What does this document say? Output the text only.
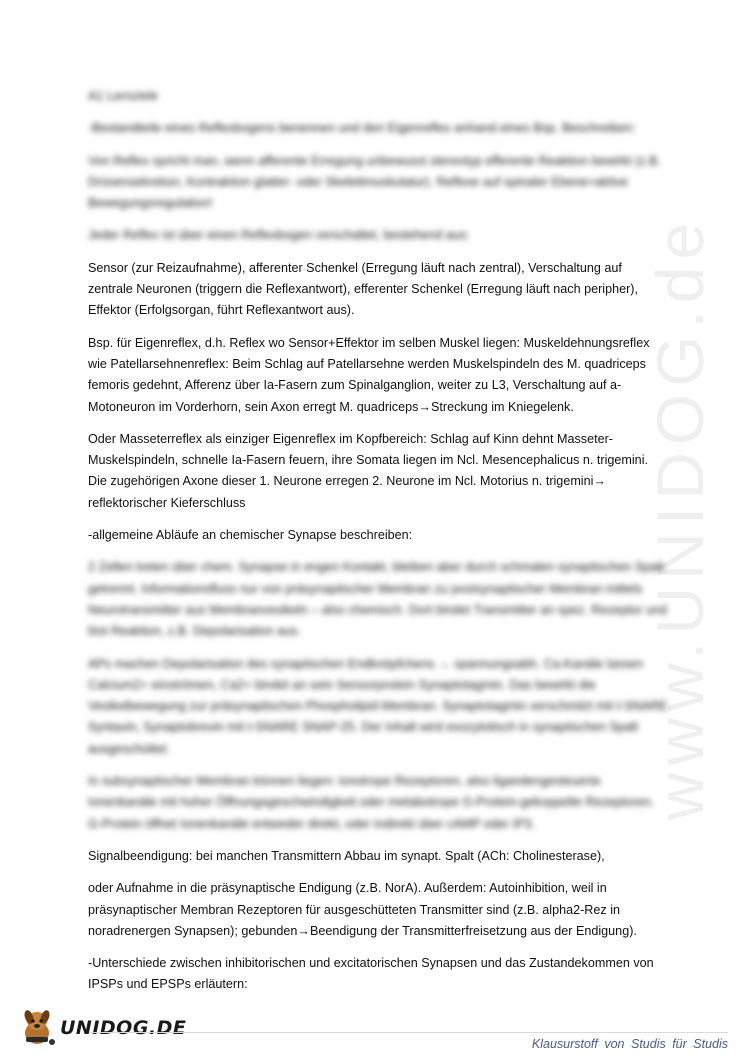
www.UNIDOG.de

A1 Lernziele

-Bestandteile eines Reflexbogens benennen und den Eigenreflex anhand eines Bsp. Beschreiben:

Von Reflex spricht man, wenn afferente Erregung unbewusst stereotyp efferente Reaktion bewirkt (z.B. Drüsensekretion, Kontraktion glatter- oder Skelettmuskulatur). Reflexe auf spinaler Ebene=aktive Bewegungsregulation!

Jeder Reflex ist über einen Reflexbogen verschaltet, bestehend aus:

Sensor (zur Reizaufnahme), afferenter Schenkel (Erregung läuft nach zentral), Verschaltung auf zentrale Neuronen (triggern die Reflexantwort), efferenter Schenkel (Erregung läuft nach peripher), Effektor (Erfolgsorgan, führt Reflexantwort aus).

Bsp. für Eigenreflex, d.h. Reflex wo Sensor+Effektor im selben Muskel liegen: Muskeldehnungsreflex wie Patellarsehnenreflex: Beim Schlag auf Patellarsehne werden Muskelspindeln des M. quadriceps femoris gedehnt, Afferenz über Ia-Fasern zum Spinalganglion, weiter zu L3, Verschaltung auf a-Motoneuron im Vorderhorn, sein Axon erregt M. quadriceps→Streckung im Kniegelenk.

Oder Masseterreflex als einziger Eigenreflex im Kopfbereich: Schlag auf Kinn dehnt Masseter-Muskelspindeln, schnelle Ia-Fasern feuern, ihre Somata liegen im Ncl. Mesencephalicus n. trigemini. Die zugehörigen Axone dieser 1. Neurone erregen 2. Neurone im Ncl. Motorius n. trigemini→ reflektorischer Kieferschluss

-allgemeine Abläufe an chemischer Synapse beschreiben:

2 Zellen treten über chem. Synapse in engen Kontakt, bleiben aber durch schmalen synaptischen Spalt getrennt. Informationsfluss nur von präsynaptischer Membran zu postsynaptischer Membran mittels Neurotransmitter aus Membranvesikeln – also chemisch. Dort bindet Transmitter an spez. Rezeptor und löst Reaktion, z.B. Depolarisation aus.

APs machen Depolarisation des synaptischen Endknöpfchens → spannungsabh. Ca-Kanäle lassen Calcium2+ einströmen, Ca2+ bindet an sein Sensorprotein Synaptotagmin. Das bewirkt die Vesikelbewegung zur präsynaptischen Phospholipid-Membran. Synaptotagmin verschmilzt mit t-SNARE Syntaxin, Synaptobrevin mit t-SNARE SNAP-25. Der Inhalt wird exozytotisch in synaptischen Spalt ausgeschüttet.

In subsynaptischer Membran können liegen: ionotrope Rezeptoren, also ligandengesteuerte Ionenkanäle mit hoher Öffnungsgeschwindigkeit oder metabotrope G-Protein-gekoppelte Rezeptoren. G-Protein öffnet Ionenkanäle entweder direkt, oder indirekt über cAMP oder IP3.

Signalbeendigung: bei manchen Transmittern Abbau im synapt. Spalt (ACh: Cholinesterase),

oder Aufnahme in die präsynaptische Endigung (z.B. NorA). Außerdem: Autoinhibition, weil in präsynaptischer Membran Rezeptoren für ausgeschütteten Transmitter sind (z.B. alpha2-Rez in noradrenergen Synapsen); gebunden→Beendigung der Transmitterfreisetzung aus der Endigung).

-Unterschiede zwischen inhibitorischen und excitatorischen Synapsen und das Zustandekommen von IPSPs und EPSPs erläutern:

UNIDOG.DE
Klausurstoff von Studis für Studis
